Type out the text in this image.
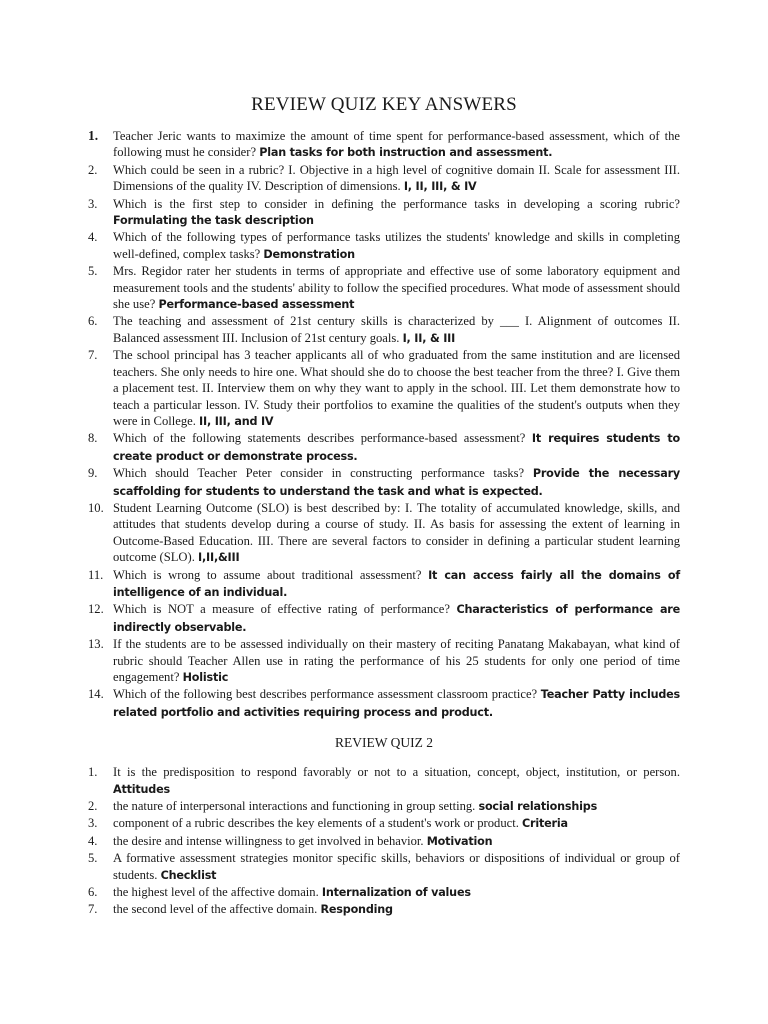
REVIEW QUIZ KEY ANSWERS
1.	Teacher Jeric wants to maximize the amount of time spent for performance-based assessment, which of the following must he consider? Plan tasks for both instruction and assessment.
2.	Which could be seen in a rubric? I. Objective in a high level of cognitive domain II. Scale for assessment III. Dimensions of the quality IV. Description of dimensions. I, II, III, & IV
3.	Which is the first step to consider in defining the performance tasks in developing a scoring rubric? Formulating the task description
4.	Which of the following types of performance tasks utilizes the students' knowledge and skills in completing well-defined, complex tasks? Demonstration
5.	Mrs. Regidor rater her students in terms of appropriate and effective use of some laboratory equipment and measurement tools and the students' ability to follow the specified procedures. What mode of assessment should she use? Performance-based assessment
6.	The teaching and assessment of 21st century skills is characterized by ___ I. Alignment of outcomes II. Balanced assessment III. Inclusion of 21st century goals. I, II, & III
7.	The school principal has 3 teacher applicants all of who graduated from the same institution and are licensed teachers. She only needs to hire one. What should she do to choose the best teacher from the three? I. Give them a placement test. II. Interview them on why they want to apply in the school. III. Let them demonstrate how to teach a particular lesson. IV. Study their portfolios to examine the qualities of the student's outputs when they were in College. II, III, and IV
8.	Which of the following statements describes performance-based assessment? It requires students to create product or demonstrate process.
9.	Which should Teacher Peter consider in constructing performance tasks? Provide the necessary scaffolding for students to understand the task and what is expected.
10. Student Learning Outcome (SLO) is best described by: I. The totality of accumulated knowledge, skills, and attitudes that students develop during a course of study. II. As basis for assessing the extent of learning in Outcome-Based Education. III. There are several factors to consider in defining a particular student learning outcome (SLO). I,II,&III
11. Which is wrong to assume about traditional assessment? It can access fairly all the domains of intelligence of an individual.
12. Which is NOT a measure of effective rating of performance? Characteristics of performance are indirectly observable.
13. If the students are to be assessed individually on their mastery of reciting Panatang Makabayan, what kind of rubric should Teacher Allen use in rating the performance of his 25 students for only one period of time engagement? Holistic
14. Which of the following best describes performance assessment classroom practice? Teacher Patty includes related portfolio and activities requiring process and product.
REVIEW QUIZ 2
1.	It is the predisposition to respond favorably or not to a situation, concept, object, institution, or person. Attitudes
2.	the nature of interpersonal interactions and functioning in group setting. social relationships
3.	component of a rubric describes the key elements of a student's work or product. Criteria
4.	the desire and intense willingness to get involved in behavior. Motivation
5.	A formative assessment strategies monitor specific skills, behaviors or dispositions of individual or group of students. Checklist
6.	the highest level of the affective domain. Internalization of values
7.	the second level of the affective domain. Responding
